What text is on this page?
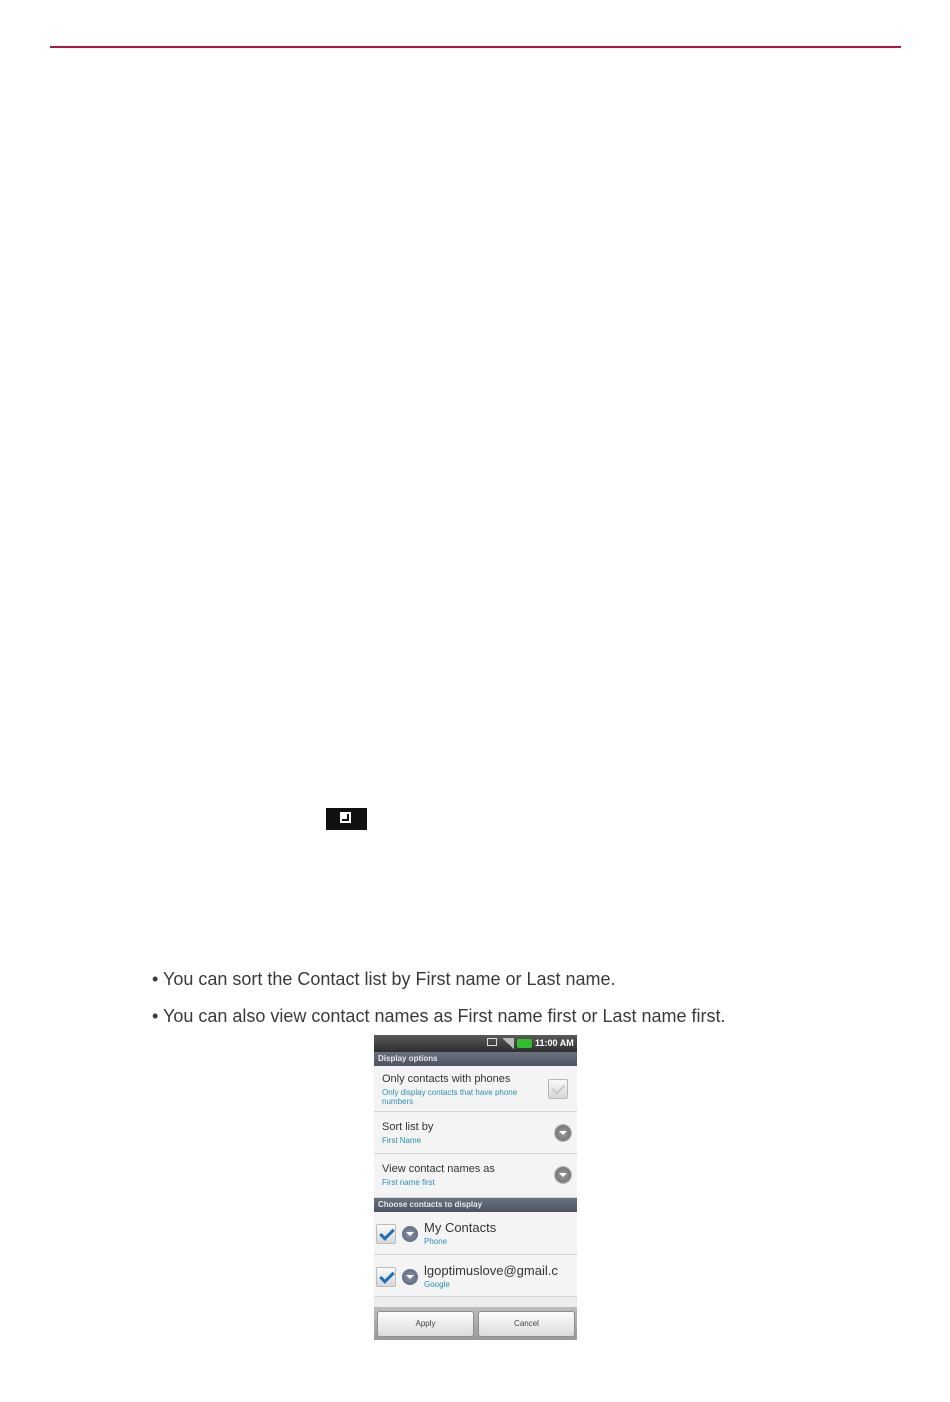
• You can sort the Contact list by First name or Last name.
• You can also view contact names as First name first or Last name first.
11:00 AM
Display options
Only contacts with phones
Only display contacts that have phone numbers
Sort list by
First Name
View contact names as
First name first
Choose contacts to display
My Contacts
Phone
lgoptimuslove@gmail.c
Google
Apply	Cancel
